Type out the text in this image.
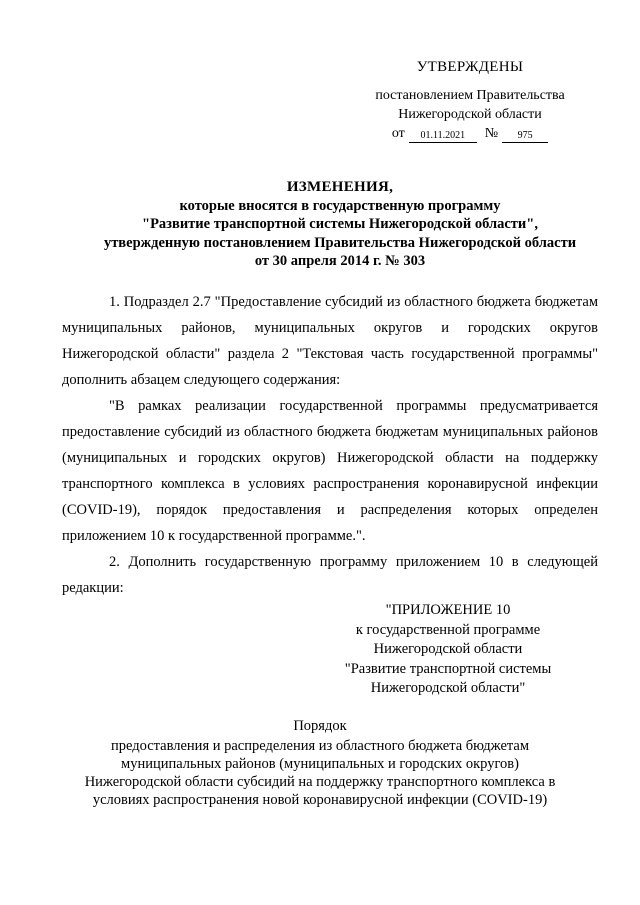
УТВЕРЖДЕНЫ
постановлением Правительства
Нижегородской области
от	01.11.2021	№	975
ИЗМЕНЕНИЯ,
которые вносятся в государственную программу
"Развитие транспортной системы Нижегородской области",
утвержденную постановлением Правительства Нижегородской области
от 30 апреля 2014 г. № 303

1. Подраздел 2.7 "Предоставление субсидий из областного бюджета бюджетам муниципальных районов, муниципальных округов и городских округов Нижегородской области" раздела 2 "Текстовая часть государственной программы" дополнить абзацем следующего содержания:

"В рамках реализации государственной программы предусматривается предоставление субсидий из областного бюджета бюджетам муниципальных районов (муниципальных и городских округов) Нижегородской области на поддержку транспортного комплекса в условиях распространения коронавирусной инфекции (COVID-19), порядок предоставления и распределения которых определен приложением 10 к государственной программе.".

2. Дополнить государственную программу приложением 10 в следующей редакции:

"ПРИЛОЖЕНИЕ 10
к государственной программе
Нижегородской области
"Развитие транспортной системы
Нижегородской области"
Порядок
предоставления и распределения из областного бюджета бюджетам
муниципальных районов (муниципальных и городских округов)
Нижегородской области субсидий на поддержку транспортного комплекса в
условиях распространения новой коронавирусной инфекции (COVID-19)
